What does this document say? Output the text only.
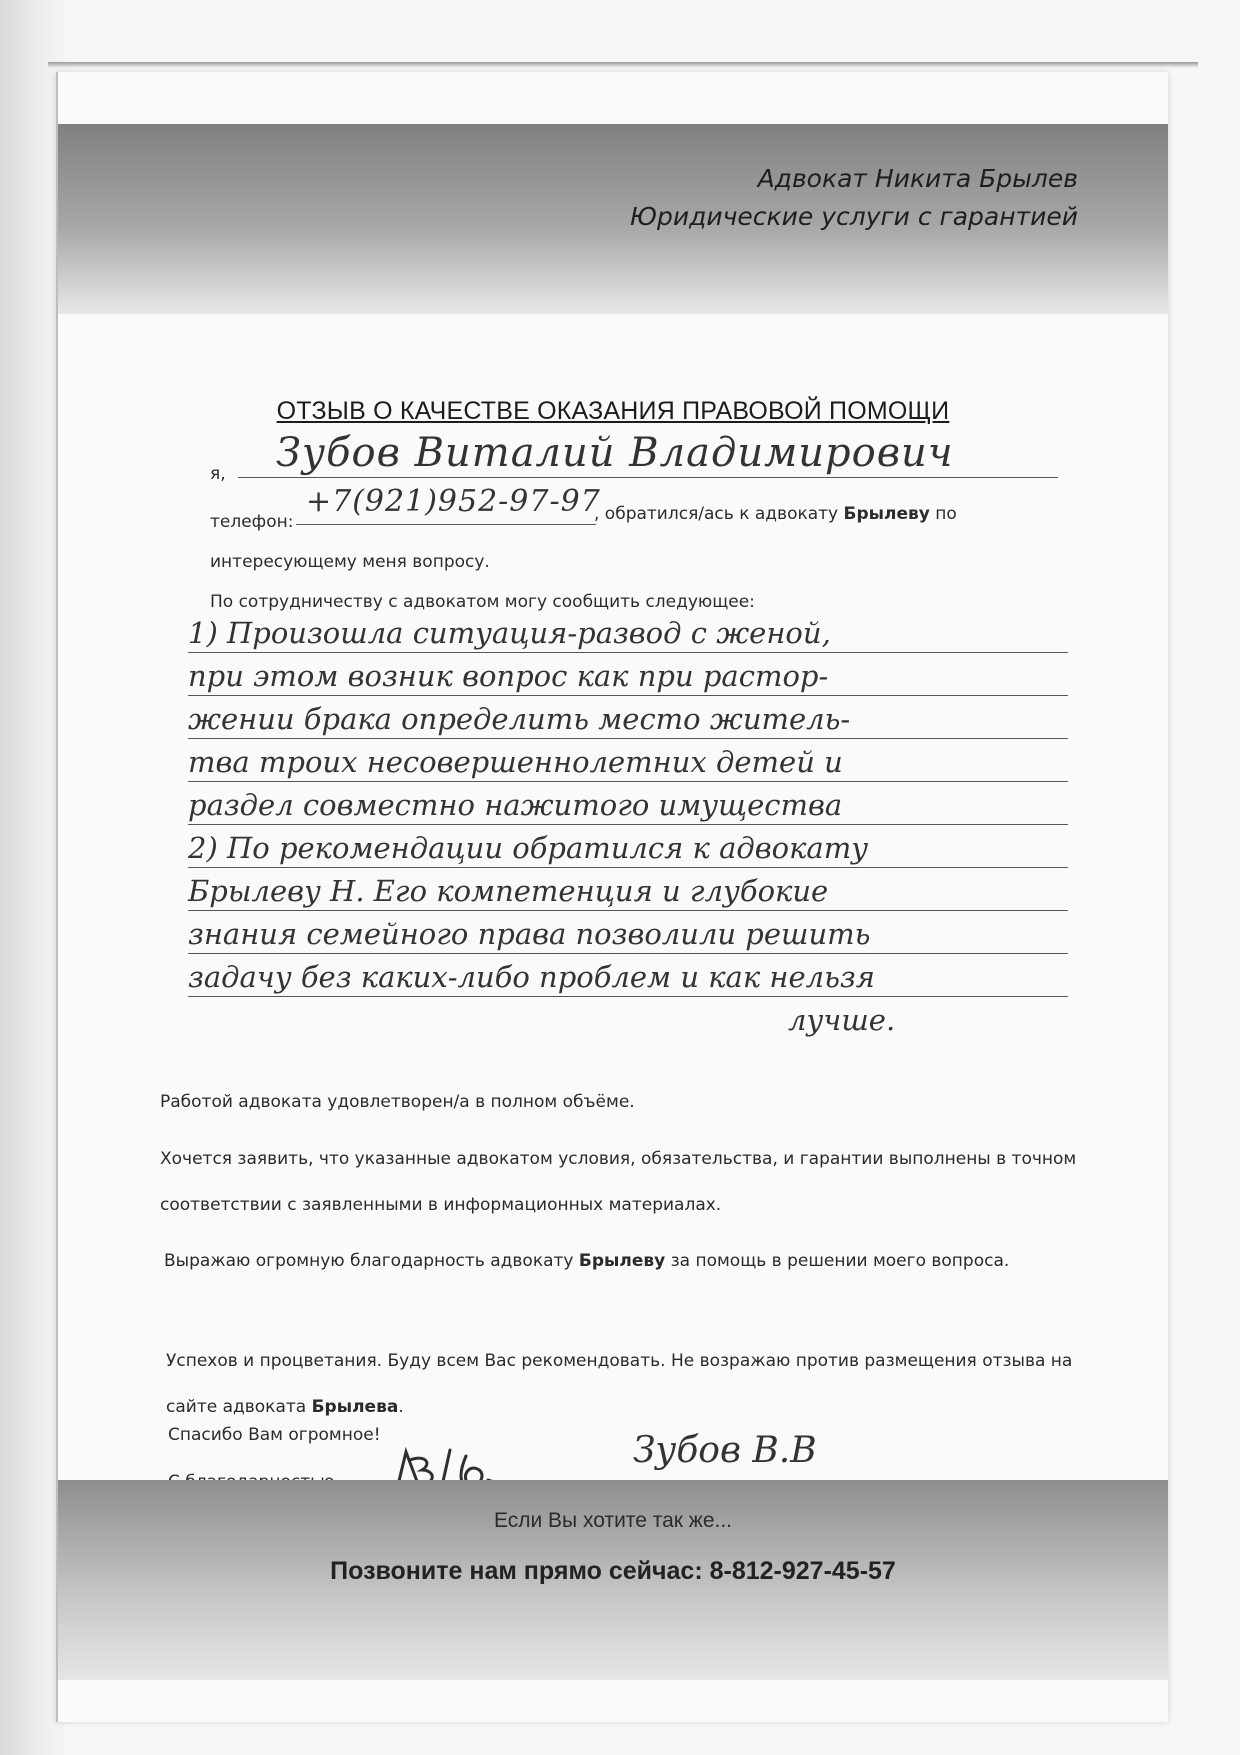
Адвокат Никита Брылев
Юридические услуги с гарантией
ОТЗЫВ О КАЧЕСТВЕ ОКАЗАНИЯ ПРАВОВОЙ ПОМОЩИ
я, Зубов Виталий Владимирович
телефон:
+7(921)952-97-97
, обратился/ась к адвокату Брылеву по
интересующему меня вопросу.
По сотрудничеству с адвокатом могу сообщить следующее:
1) Произошла ситуация-развод с женой,
при этом возник вопрос как при растор-
жении брака определить место житель-
тва троих несовершеннолетних детей и
раздел совместно нажитого имущества
2) По рекомендации обратился к адвокату
Брылеву Н. Его компетенция и глубокие
знания семейного права позволили решить
задачу без каких-либо проблем и как нельзя
лучше.
Работой адвоката удовлетворен/а в полном объёме.
Хочется заявить, что указанные адвокатом условия, обязательства, и гарантии выполнены в точном соответствии с заявленными в информационных материалах.
Выражаю огромную благодарность адвокату Брылеву за помощь в решении моего вопроса.
Успехов и процветания. Буду всем Вас рекомендовать. Не возражаю против размещения отзыва на сайте адвоката Брылева.
Спасибо Вам огромное!	Зубов В.В
Если Вы хотите так же...
Позвоните нам прямо сейчас: 8-812-927-45-57
